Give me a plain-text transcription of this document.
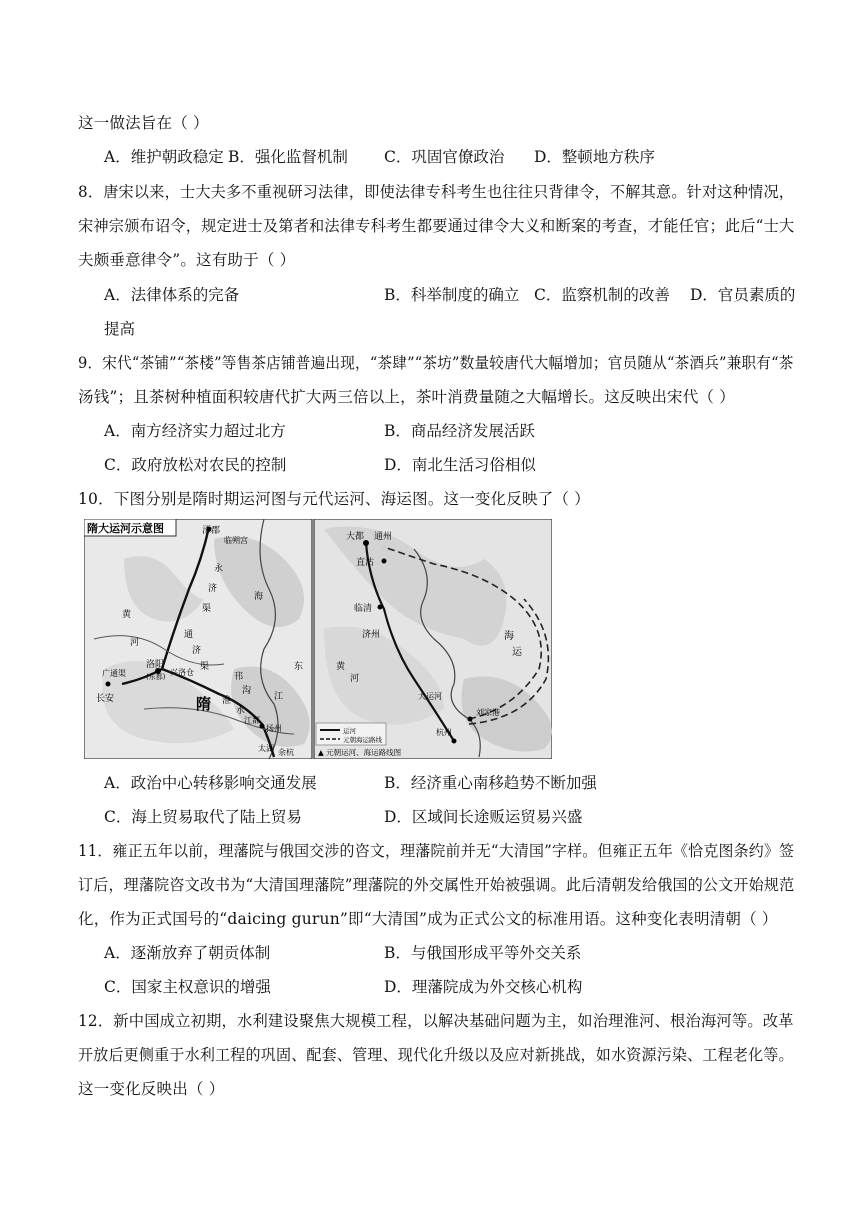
这一做法旨在（ ）
A．维护朝政稳定 B．强化监督机制 C．巩固官僚政治 D．整顿地方秩序
8．唐宋以来，士大夫多不重视研习法律，即使法律专科考生也往往只背律令，不解其意。针对这种情况，
宋神宗颁布诏令，规定进士及第者和法律专科考生都要通过律令大义和断案的考查，才能任官；此后“士大
夫颇垂意律令”。这有助于（ ）
A．法律体系的完备	B．科举制度的确立 C．监察机制的改善 D．官员素质的
提高
9．宋代“茶铺”“茶楼”等售茶店铺普遍出现，“茶肆”“茶坊”数量较唐代大幅增加；官员随从“茶酒兵”兼职有“茶
汤钱”；且茶树种植面积较唐代扩大两三倍以上，茶叶消费量随之大幅增长。这反映出宋代（ ）
A．南方经济实力超过北方	B．商品经济发展活跃
C．政府放松对农民的控制	D．南北生活习俗相似
10．下图分别是隋时期运河图与元代运河、海运图。这一变化反映了（ ）
隋大运河示意图	涿郡
临朔宫
永
济
渠
黄
河
洛阳
(东都) 兴洛仓
广通渠
长安
通
济
渠
隋
邗
沟
淮
水
江都
扬州
太湖 余杭
江
海
东
大都 通州
直沽
临清
济州
黄
河
大运河
海
运
刘家港
杭州
运河
元朝海运路线
▲ 元朝运河、海运路线图
A．政治中心转移影响交通发展	B．经济重心南移趋势不断加强
C．海上贸易取代了陆上贸易	D．区域间长途贩运贸易兴盛
11．雍正五年以前，理藩院与俄国交涉的咨文，理藩院前并无“大清国”字样。但雍正五年《恰克图条约》签
订后，理藩院咨文改书为“大清国理藩院”理藩院的外交属性开始被强调。此后清朝发给俄国的公文开始规范
化，作为正式国号的“daicing gurun”即“大清国”成为正式公文的标准用语。这种变化表明清朝（ ）
A．逐渐放弃了朝贡体制	B．与俄国形成平等外交关系
C．国家主权意识的增强	D．理藩院成为外交核心机构
12．新中国成立初期，水利建设聚焦大规模工程，以解决基础问题为主，如治理淮河、根治海河等。改革
开放后更侧重于水利工程的巩固、配套、管理、现代化升级以及应对新挑战，如水资源污染、工程老化等。
这一变化反映出（ ）
